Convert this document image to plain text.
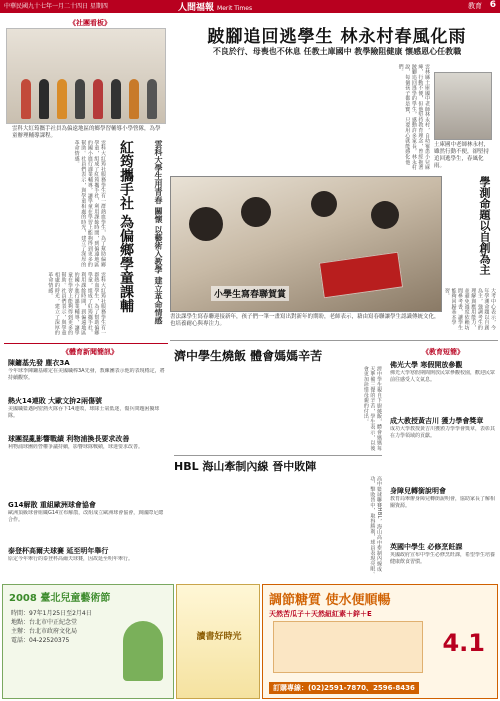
中華民國九十七年一月二十四日 星期四	人間福報 Merit Times	教育 6
《社團看板》
雲科大紅筠攜手社員為偏遠地區的鄉學習輔導小學營隊，為學童辦理輔導課程。
雲科大紅筠社服務學生有一群熱血學生，為了幫助偏鄉學童，組成了紅筠攜手社，利用課餘時間，到偏遠地區的國小進行課業輔導，讓學童在學習上能夠得到更多的幫助。社員們表示，與學童相處的時光，建立了深厚的革命情感。	紅筠攜手社 為偏鄉學童課輔	雲科大學生用青春 關懷 以藝術入教學 建立革命情感
雲科大紅筠社服務學生有一群熱血學生，為了幫助偏鄉學童，組成了紅筠攜手社，利用課餘時間，到偏遠地區的國小進行課業輔導，讓學童在學習上能夠得到更多的幫助。社員們表示，與學童相處的時光，建立了深厚的革命情感。
跛腳追回逃學生 林永村春風化雨
不良於行、母喪也不休息 任教土庫國中 教學險阻健康 懷感恩心任教職
雲林縣土庫國中老師林永村，自幼罹患小兒麻痺，行動不便，但他堅持教育理念，曾經拖著跛腳追回逃學的學生，感動許多家長。林永村說，每個孩子都是寶，只要用心就能感化他們。
土庫國中老師林永村，雖然行動不便，卻堅持追回逃學生，春風化雨。
小學生寫春聯賀賞
書法課學生寫春聯迎接新年，孩子們一筆一畫寫出對新年的期盼，老師表示，藉由寫春聯讓學生認識傳統文化，也培養耐心與專注力。
學測命題以自創為主
大考中心表示，今年學測命題以自創為主，強調考生的理解與應用能力，並避免過度依賴坊間參考書，讓學生能夠回歸基本學習。
《體育新聞簡訊》
陳鏞基先發 塵衣3A
今年球季陳鏞基確定在美國職棒3A先發，教練團表示他的表現穩定，將持續觀察。
熱火14連敗 大歐文拚2兩傷號
美國職籃邁阿密熱火隊吞下14連敗，球隊士氣低迷，傷兵問題困擾球隊。
球團混亂影響戰績 利物浦換長要求改善
利物浦球團經營權爭議持續，影響球隊戰績，球迷要求改善。
G14解散 重組歐洲球會協會
歐洲頂級球會組織G14宣布解散，改組成立歐洲球會協會，與國際足總合作。
泰登杯高爾夫球賽 延至明年舉行
原定今年舉行的泰登杯高爾夫球賽，因故延至明年舉行。
濟中學生燒飯 體會媽媽辛苦
濟中學生親自下廚燒飯，體會媽媽每天準備三餐的辛苦，學生表示，以後會更加珍惜母親的付出。
HBL 海山牽制內線 晉中敗陣
高中籃球聯賽HBL，海山高中牽制內線成功，擊敗晉中，取得勝利，球員表現亮眼。
《教育短簡》
佛光大學 寒假開放參觀
佛光大學寒假期間開放民眾參觀校園，歡迎民眾前往感受人文氣息。
成大教授黃吉川 獲力學會獎章
成功大學教授黃吉川獲頒力學學會獎章，表彰其在力學領域的貢獻。
身障兒轉銜說明會
教育局舉辦身障兒轉銜說明會，協助家長了解相關資源。
英國中學生 必修烹飪課
英國政府宣布中學生必修烹飪課，希望學生培養健康飲食習慣。
2008 臺北兒童藝術節
時間：97年1月25日至2月4日
地點：台北市中正紀念堂
主辦：台北市政府文化局
電話：04-22520375	讀書好時光
調節糖質 使水便順暢
天然苦瓜子＋天然紐紅素＋鋅＋E
4.1
訂購專線：(02)2591-7870、2596-8436
